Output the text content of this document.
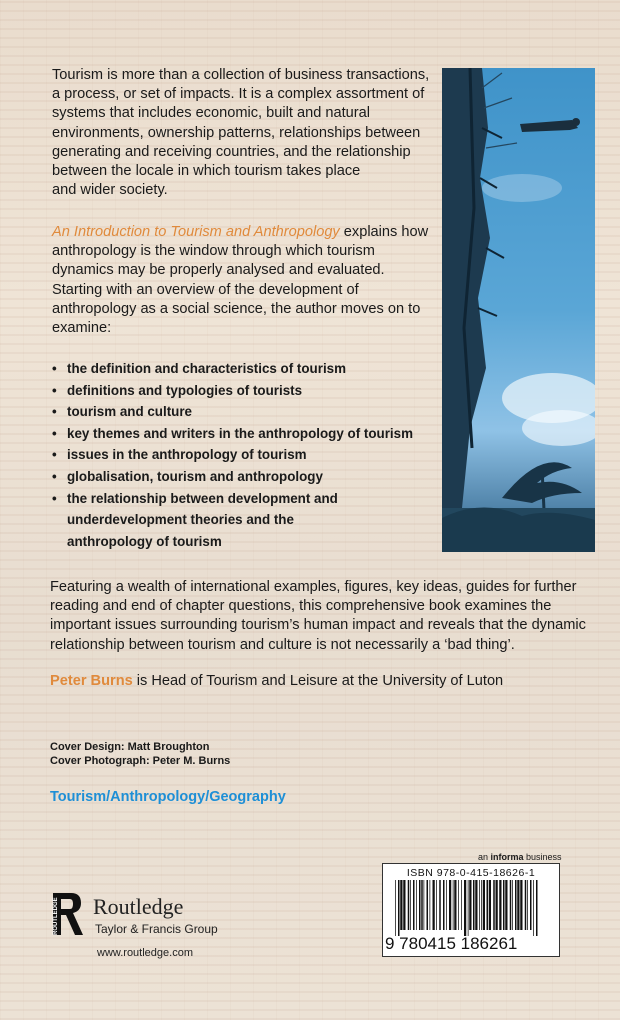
Tourism is more than a collection of business transactions,
a process, or set of impacts. It is a complex assortment of
systems that includes economic, built and natural
environments, ownership patterns, relationships between
generating and receiving countries, and the relationship
between the locale in which tourism takes place
and wider society.

An Introduction to Tourism and Anthropology explains how
anthropology is the window through which tourism
dynamics may be properly analysed and evaluated.
Starting with an overview of the development of
anthropology as a social science, the author moves on to
examine:

• the definition and characteristics of tourism
• definitions and typologies of tourists
• tourism and culture
• key themes and writers in the anthropology of tourism
• issues in the anthropology of tourism
• globalisation, tourism and anthropology
• the relationship between development and
underdevelopment theories and the
anthropology of tourism

Featuring a wealth of international examples, figures, key ideas, guides for further
reading and end of chapter questions, this comprehensive book examines the
important issues surrounding tourism’s human impact and reveals that the dynamic
relationship between tourism and culture is not necessarily a ‘bad thing’.

Peter Burns is Head of Tourism and Leisure at the University of Luton
Cover Design: Matt Broughton
Cover Photograph: Peter M. Burns
Tourism/Anthropology/Geography
ROUTLEDGE Routledge
Taylor & Francis Group
www.routledge.com
an informa business
ISBN 978-0-415-18626-1
9 780415 186261
